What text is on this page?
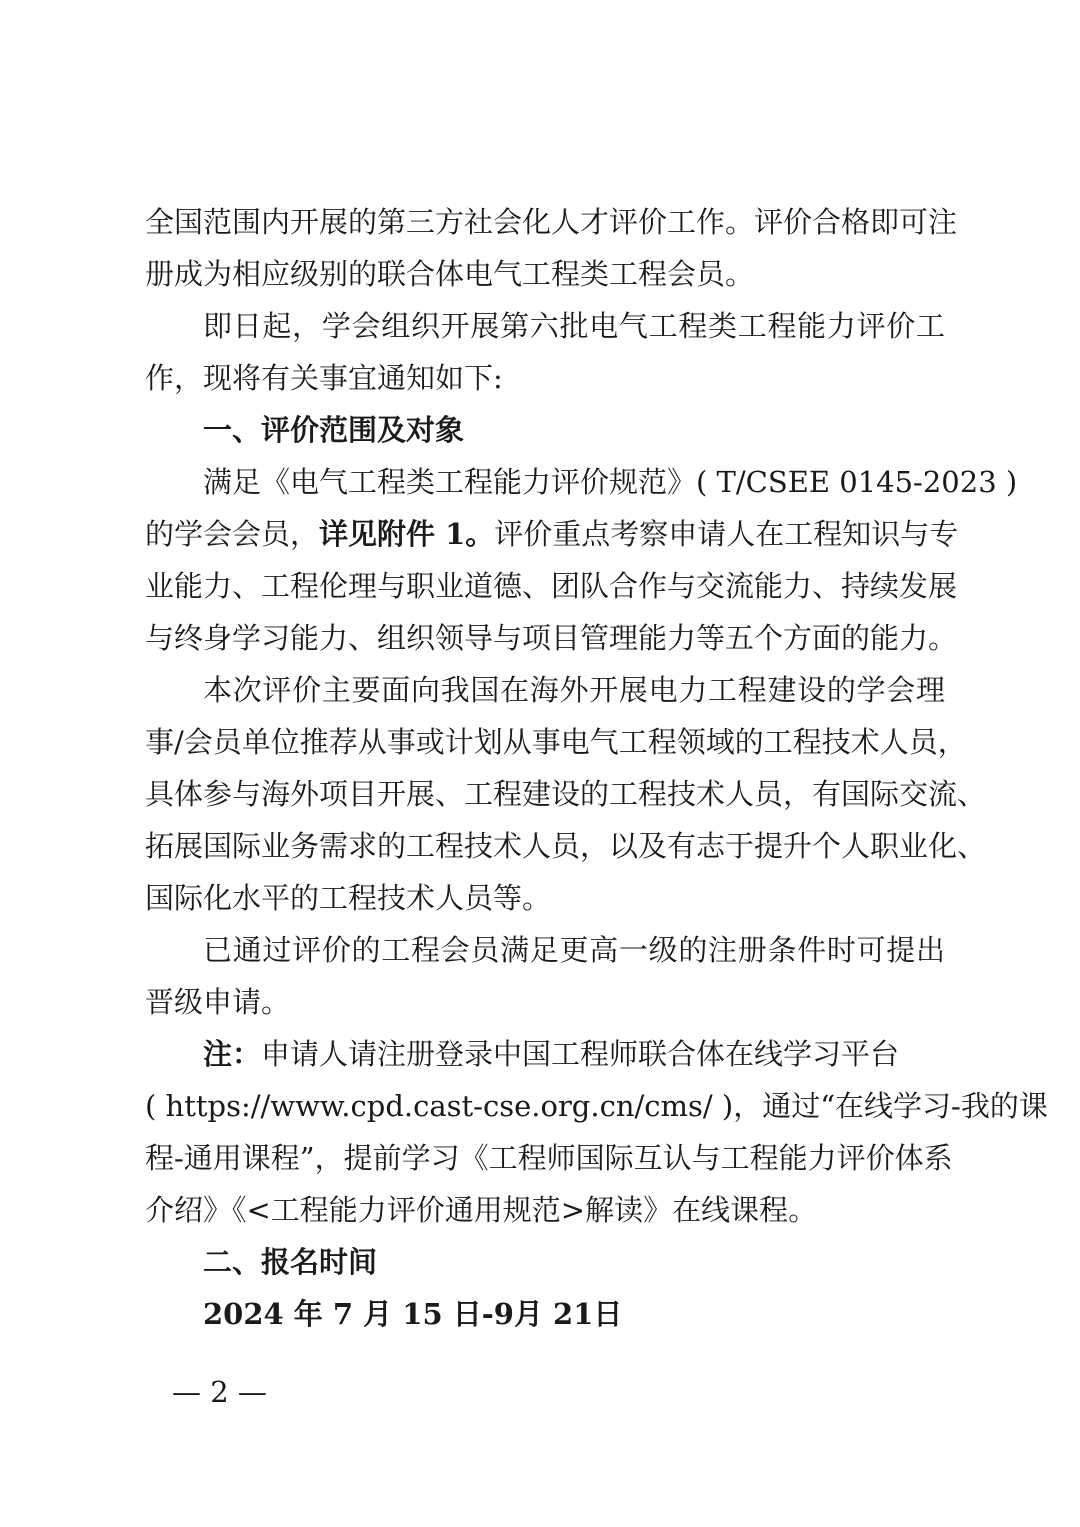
全国范围内开展的第三方社会化人才评价工作。评价合格即可注
册成为相应级别的联合体电气工程类工程会员。
即日起，学会组织开展第六批电气工程类工程能力评价工
作，现将有关事宜通知如下:
一、评价范围及对象
满足《电气工程类工程能力评价规范》( T/CSEE 0145-2023 )
的学会会员，详见附件 1。评价重点考察申请人在工程知识与专
业能力、工程伦理与职业道德、团队合作与交流能力、持续发展
与终身学习能力、组织领导与项目管理能力等五个方面的能力。
本次评价主要面向我国在海外开展电力工程建设的学会理
事/会员单位推荐从事或计划从事电气工程领域的工程技术人员，
具体参与海外项目开展、工程建设的工程技术人员，有国际交流、
拓展国际业务需求的工程技术人员，以及有志于提升个人职业化、
国际化水平的工程技术人员等。
已通过评价的工程会员满足更高一级的注册条件时可提出
晋级申请。
注：申请人请注册登录中国工程师联合体在线学习平台
( https://www.cpd.cast-cse.org.cn/cms/ )，通过“在线学习-我的课
程-通用课程”，提前学习《工程师国际互认与工程能力评价体系
介绍》《<工程能力评价通用规范>解读》在线课程。
二、报名时间
2024 年 7 月 15 日-9月 21日
— 2 —
